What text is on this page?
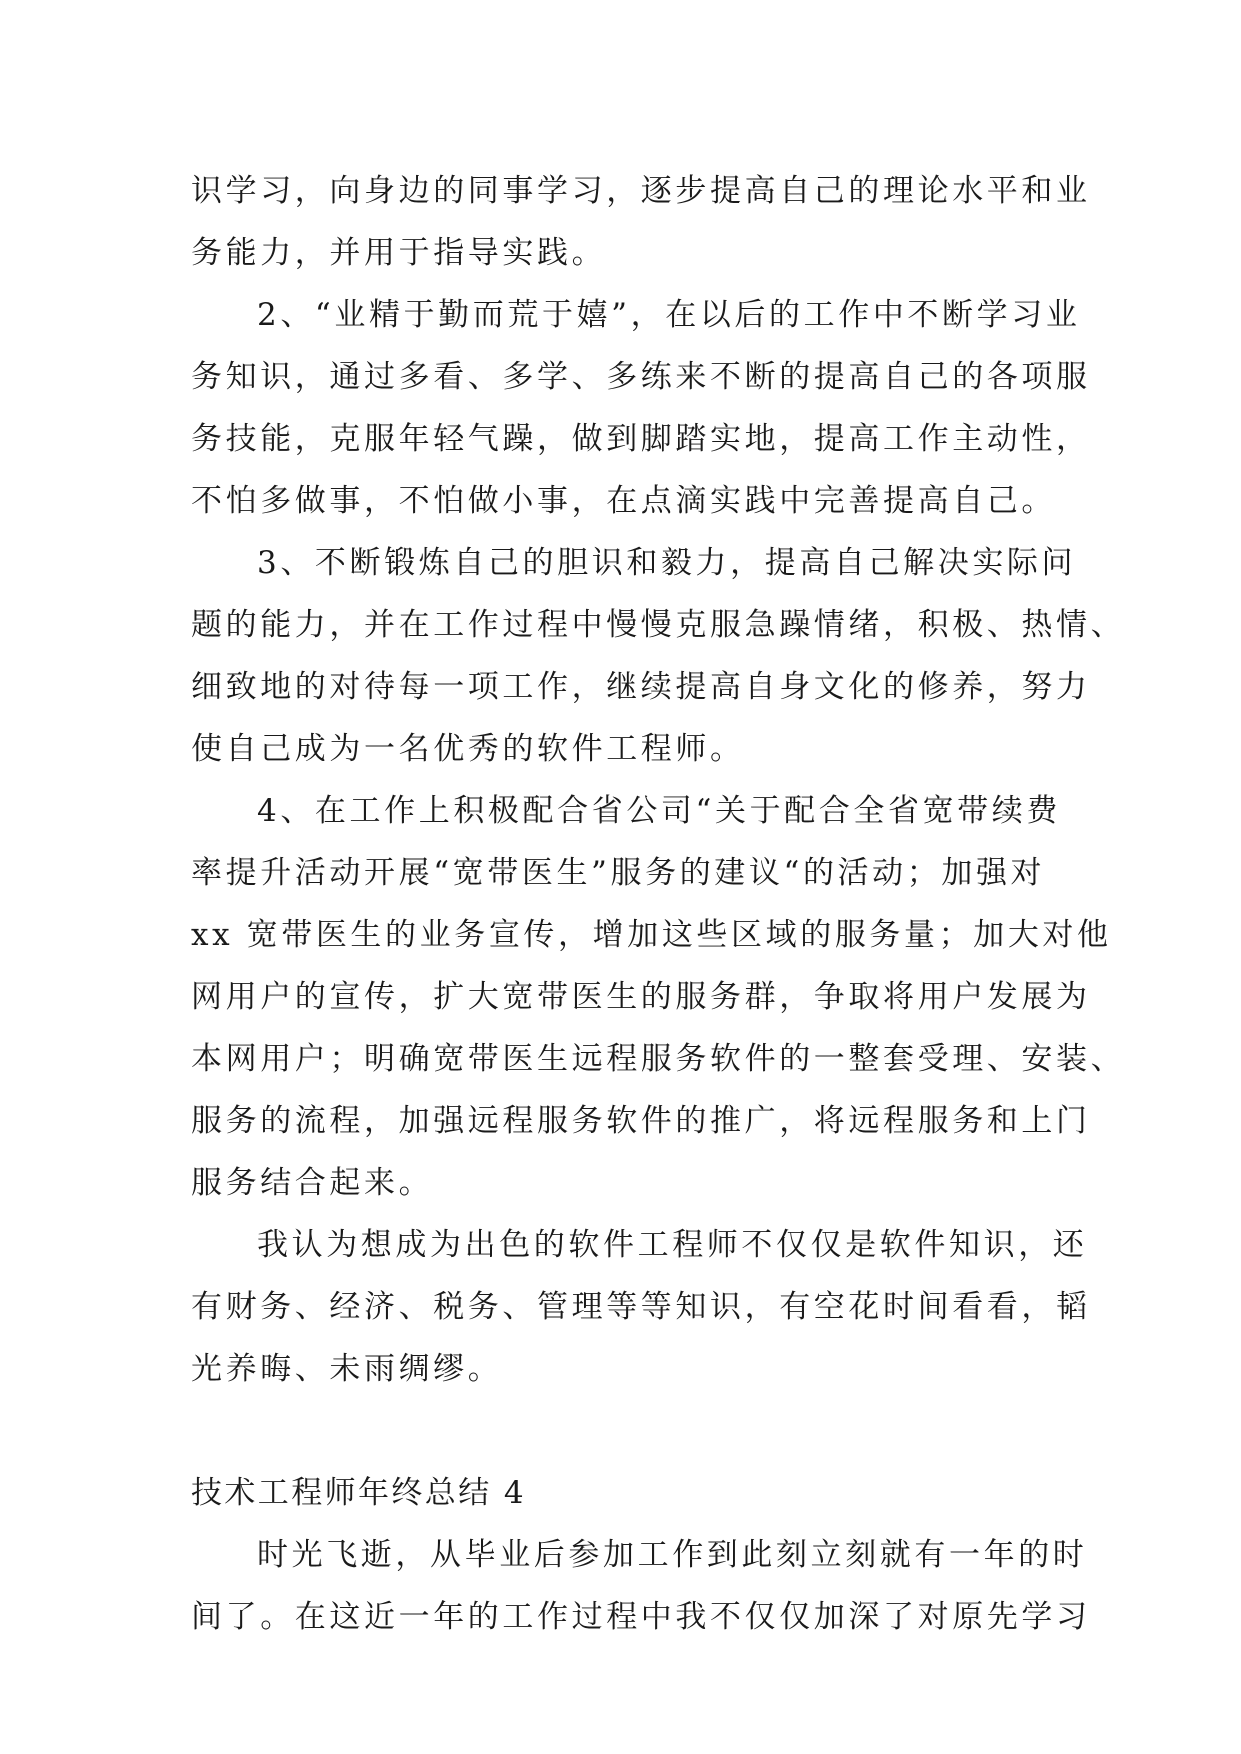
识学习，向身边的同事学习，逐步提高自己的理论水平和业
务能力，并用于指导实践。
2、“业精于勤而荒于嬉”，在以后的工作中不断学习业
务知识，通过多看、多学、多练来不断的提高自己的各项服
务技能，克服年轻气躁，做到脚踏实地，提高工作主动性，
不怕多做事，不怕做小事，在点滴实践中完善提高自己。
3、不断锻炼自己的胆识和毅力，提高自己解决实际问
题的能力，并在工作过程中慢慢克服急躁情绪，积极、热情、
细致地的对待每一项工作，继续提高自身文化的修养，努力
使自己成为一名优秀的软件工程师。
4、在工作上积极配合省公司“关于配合全省宽带续费
率提升活动开展“宽带医生”服务的建议“的活动；加强对
xx 宽带医生的业务宣传，增加这些区域的服务量；加大对他
网用户的宣传，扩大宽带医生的服务群，争取将用户发展为
本网用户；明确宽带医生远程服务软件的一整套受理、安装、
服务的流程，加强远程服务软件的推广，将远程服务和上门
服务结合起来。
我认为想成为出色的软件工程师不仅仅是软件知识，还
有财务、经济、税务、管理等等知识，有空花时间看看，韬
光养晦、未雨绸缪。
技术工程师年终总结 4
时光飞逝，从毕业后参加工作到此刻立刻就有一年的时
间了。在这近一年的工作过程中我不仅仅加深了对原先学习
